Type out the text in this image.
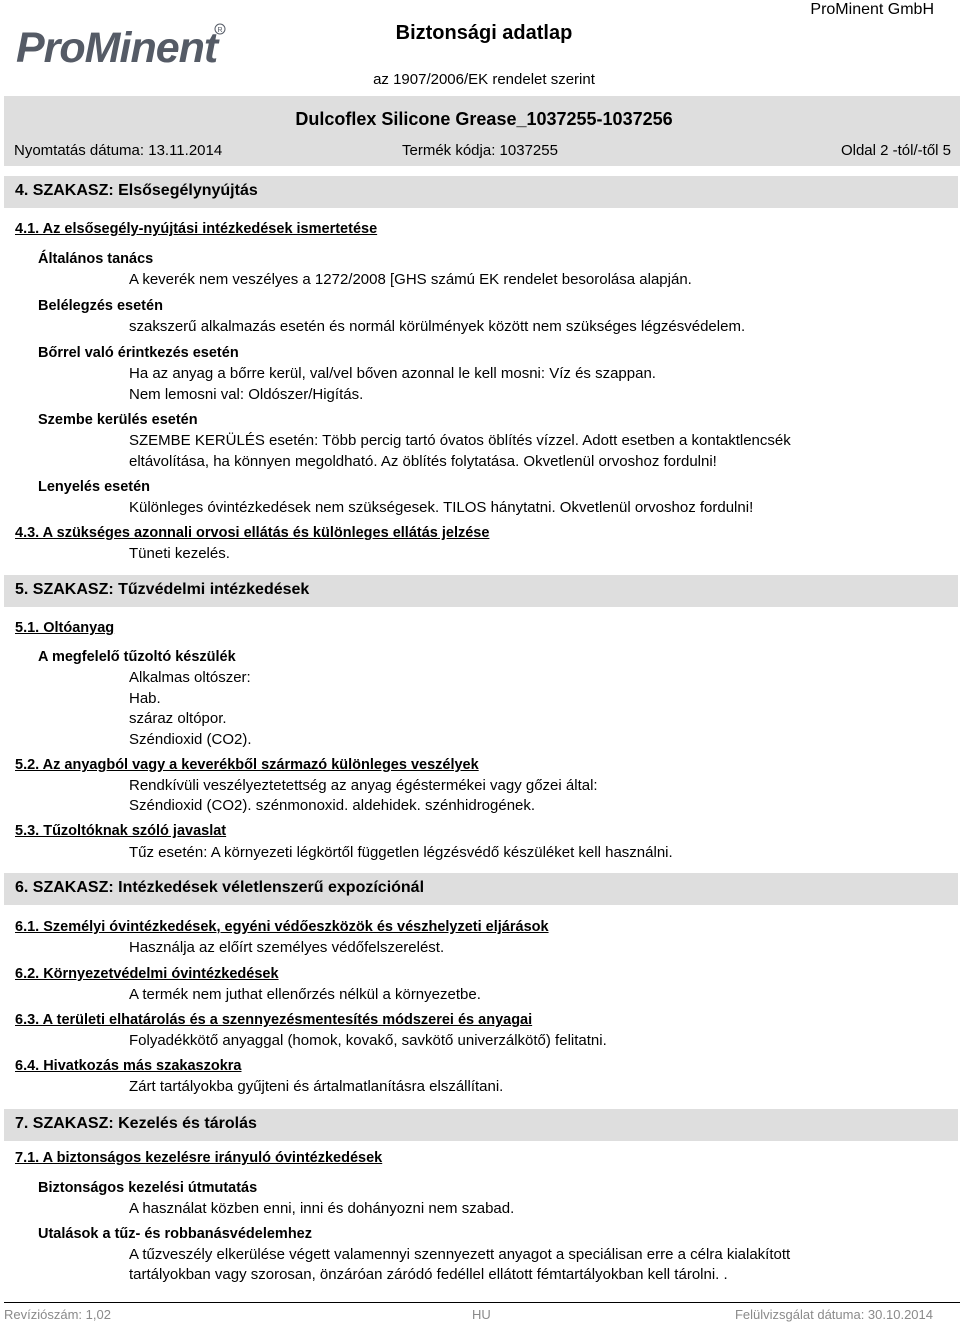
ProMinent R
ProMinent GmbH
Biztonsági adatlap
az 1907/2006/EK rendelet szerint
Dulcoflex Silicone Grease_1037255-1037256
Nyomtatás dátuma: 13.11.2014	Termék kódja: 1037255	Oldal 2 -tól/-től 5
4. SZAKASZ: Elsősegélynyújtás
4.1. Az elsősegély-nyújtási intézkedések ismertetése
Általános tanács
A keverék nem veszélyes a 1272/2008 [GHS számú EK rendelet besorolása alapján.
Belélegzés esetén
szakszerű alkalmazás esetén és normál körülmények között nem szükséges légzésvédelem.
Bőrrel való érintkezés esetén
Ha az anyag a bőrre kerül, val/vel bőven azonnal le kell mosni: Víz és szappan.
Nem lemosni val: Oldószer/Higítás.
Szembe kerülés esetén
SZEMBE KERÜLÉS esetén: Több percig tartó óvatos öblítés vízzel. Adott esetben a kontaktlencsék
eltávolítása, ha könnyen megoldható. Az öblítés folytatása. Okvetlenül orvoshoz fordulni!
Lenyelés esetén
Különleges óvintézkedések nem szükségesek. TILOS hánytatni. Okvetlenül orvoshoz fordulni!
4.3. A szükséges azonnali orvosi ellátás és különleges ellátás jelzése
Tüneti kezelés.
5. SZAKASZ: Tűzvédelmi intézkedések
5.1. Oltóanyag
A megfelelő tűzoltó készülék
Alkalmas oltószer:
Hab.
száraz oltópor.
Széndioxid (CO2).
5.2. Az anyagból vagy a keverékből származó különleges veszélyek
Rendkívüli veszélyeztetettség az anyag égéstermékei vagy gőzei által:
Széndioxid (CO2). szénmonoxid. aldehidek. szénhidrogének.
5.3. Tűzoltóknak szóló javaslat
Tűz esetén: A környezeti légkörtől független légzésvédő készüléket kell használni.
6. SZAKASZ: Intézkedések véletlenszerű expozíciónál
6.1. Személyi óvintézkedések, egyéni védőeszközök és vészhelyzeti eljárások
Használja az előírt személyes védőfelszerelést.
6.2. Környezetvédelmi óvintézkedések
A termék nem juthat ellenőrzés nélkül a környezetbe.
6.3. A területi elhatárolás és a szennyezésmentesítés módszerei és anyagai
Folyadékkötő anyaggal (homok, kovakő, savkötő univerzálkötő) felitatni.
6.4. Hivatkozás más szakaszokra
Zárt tartályokba gyűjteni és ártalmatlanításra elszállítani.
7. SZAKASZ: Kezelés és tárolás
7.1. A biztonságos kezelésre irányuló óvintézkedések
Biztonságos kezelési útmutatás
A használat közben enni, inni és dohányozni nem szabad.
Utalások a tűz- és robbanásvédelemhez
A tűzveszély elkerülése végett valamennyi szennyezett anyagot a speciálisan erre a célra kialakított
tartályokban vagy szorosan, önzáróan záródó fedéllel ellátott fémtartályokban kell tárolni. .
Revíziószám: 1,02	HU	Felülvizsgálat dátuma: 30.10.2014
